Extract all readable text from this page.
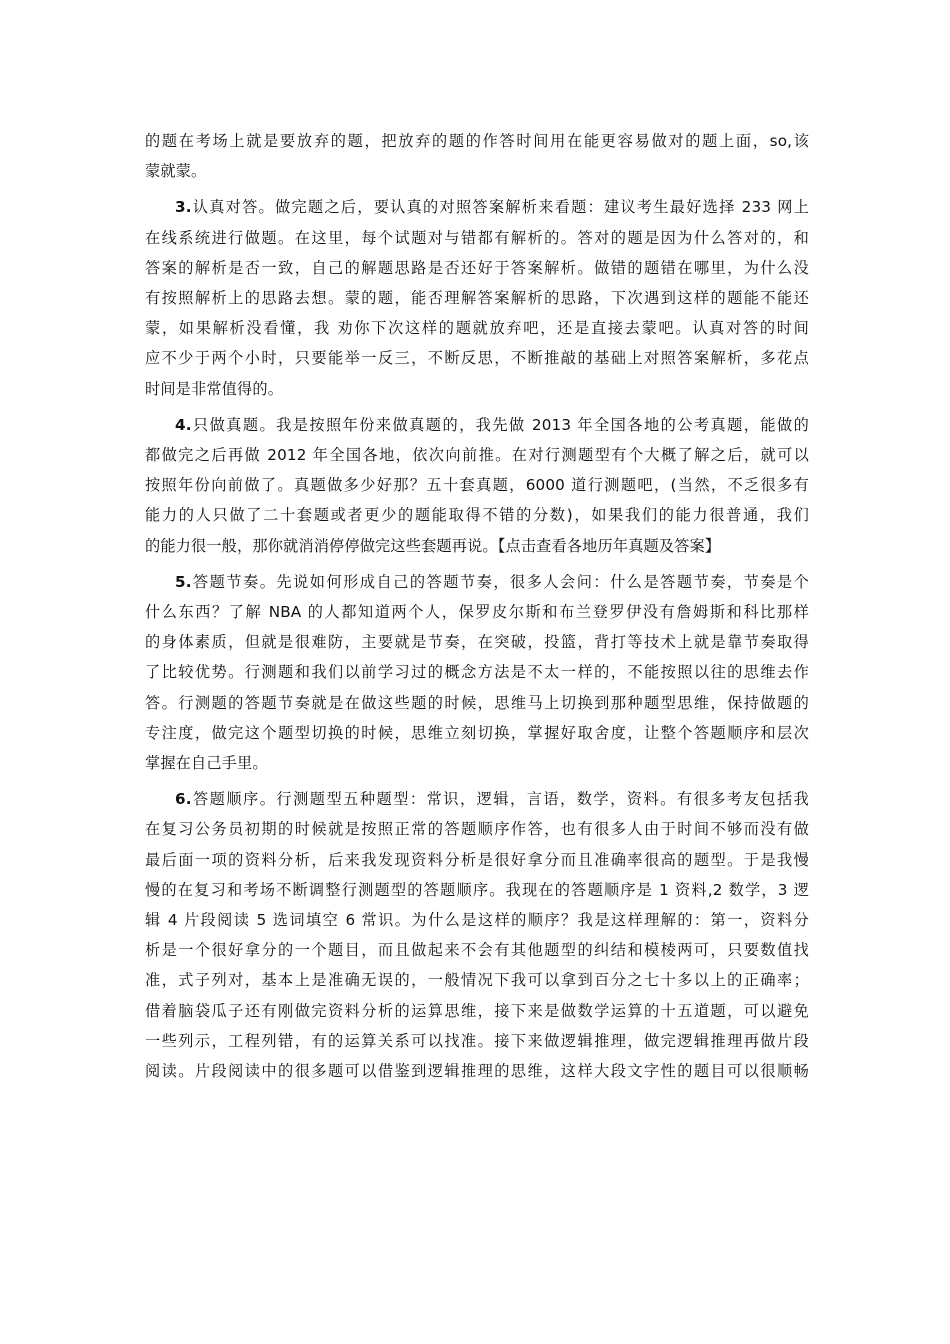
的题在考场上就是要放弃的题，把放弃的题的作答时间用在能更容易做对的题上面，so,该
蒙就蒙。

3.认真对答。做完题之后，要认真的对照答案解析来看题：建议考生最好选择 233 网上
在线系统进行做题。在这里，每个试题对与错都有解析的。答对的题是因为什么答对的，和
答案的解析是否一致，自己的解题思路是否还好于答案解析。做错的题错在哪里，为什么没
有按照解析上的思路去想。蒙的题，能否理解答案解析的思路，下次遇到这样的题能不能还
蒙，如果解析没看懂，我 劝你下次这样的题就放弃吧，还是直接去蒙吧。认真对答的时间
应不少于两个小时，只要能举一反三，不断反思，不断推敲的基础上对照答案解析，多花点
时间是非常值得的。

4.只做真题。我是按照年份来做真题的，我先做 2013 年全国各地的公考真题，能做的
都做完之后再做 2012 年全国各地，依次向前推。在对行测题型有个大概了解之后，就可以
按照年份向前做了。真题做多少好那？五十套真题，6000 道行测题吧，(当然，不乏很多有
能力的人只做了二十套题或者更少的题能取得不错的分数)，如果我们的能力很普通，我们
的能力很一般，那你就消消停停做完这些套题再说。【点击查看各地历年真题及答案】

5.答题节奏。先说如何形成自己的答题节奏，很多人会问：什么是答题节奏，节奏是个
什么东西？了解 NBA 的人都知道两个人，保罗皮尔斯和布兰登罗伊没有詹姆斯和科比那样
的身体素质，但就是很难防，主要就是节奏，在突破，投篮，背打等技术上就是靠节奏取得
了比较优势。行测题和我们以前学习过的概念方法是不太一样的，不能按照以往的思维去作
答。行测题的答题节奏就是在做这些题的时候，思维马上切换到那种题型思维，保持做题的
专注度，做完这个题型切换的时候，思维立刻切换，掌握好取舍度，让整个答题顺序和层次
掌握在自己手里。

6.答题顺序。行测题型五种题型：常识，逻辑，言语，数学，资料。有很多考友包括我
在复习公务员初期的时候就是按照正常的答题顺序作答，也有很多人由于时间不够而没有做
最后面一项的资料分析，后来我发现资料分析是很好拿分而且准确率很高的题型。于是我慢
慢的在复习和考场不断调整行测题型的答题顺序。我现在的答题顺序是 1 资料,2 数学，3 逻
辑 4 片段阅读 5 选词填空 6 常识。为什么是这样的顺序？我是这样理解的：第一，资料分
析是一个很好拿分的一个题目，而且做起来不会有其他题型的纠结和模棱两可，只要数值找
准，式子列对，基本上是准确无误的，一般情况下我可以拿到百分之七十多以上的正确率；
借着脑袋瓜子还有刚做完资料分析的运算思维，接下来是做数学运算的十五道题，可以避免
一些列示，工程列错，有的运算关系可以找准。接下来做逻辑推理，做完逻辑推理再做片段
阅读。片段阅读中的很多题可以借鉴到逻辑推理的思维，这样大段文字性的题目可以很顺畅
